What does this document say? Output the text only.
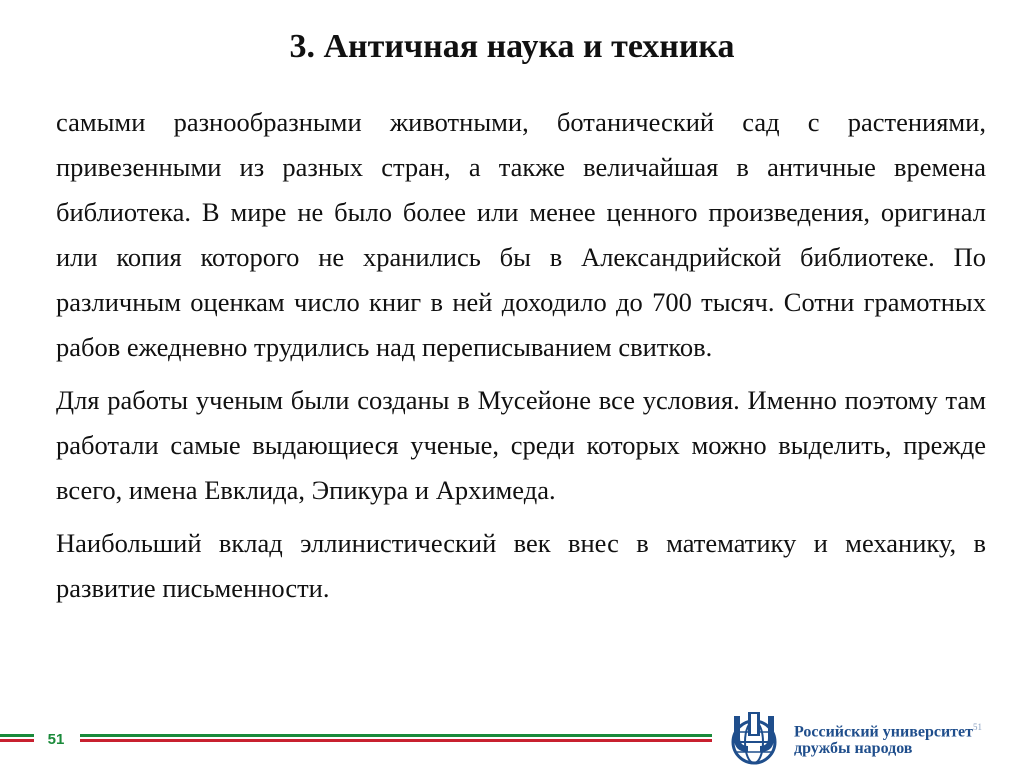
3. Античная наука и техника

самыми разнообразными животными, ботанический сад с растениями, привезенными из разных стран, а также величайшая в античные времена библиотека. В мире не было более или менее ценного произведения, оригинал или копия которого не хранились бы в Александрийской библиотеке. По различным оценкам число книг в ней доходило до 700 тысяч. Сотни грамотных рабов ежедневно трудились над переписыванием свитков.

Для работы ученым были созданы в Мусейоне все условия. Именно поэтому там работали самые выдающиеся ученые, среди которых можно выделить, прежде всего, имена Евклида, Эпикура и Архимеда.

Наибольший вклад эллинистический век внес в математику и механику, в развитие письменности.

51	Российский университет$^{51}$
дружбы народов
